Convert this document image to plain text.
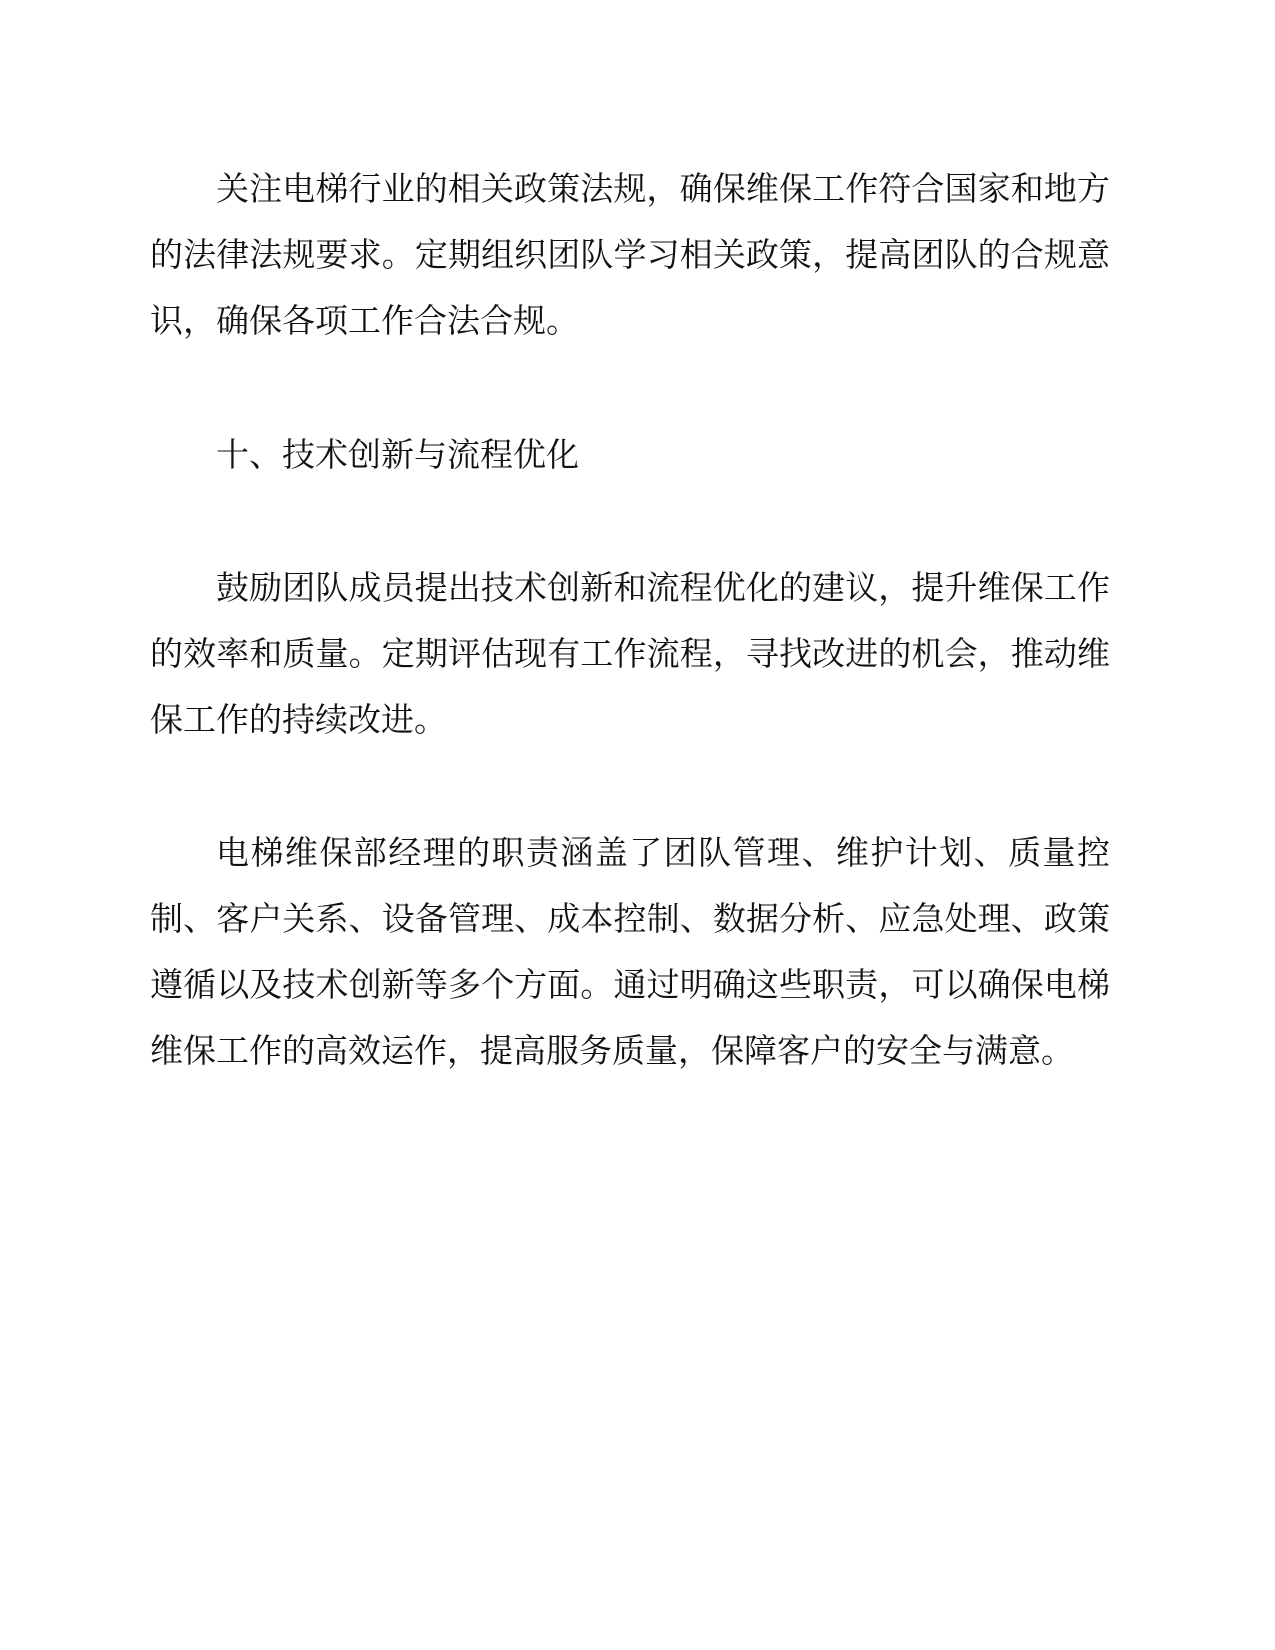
关注电梯行业的相关政策法规，确保维保工作符合国家和地方的法律法规要求。定期组织团队学习相关政策，提高团队的合规意识，确保各项工作合法合规。

十、技术创新与流程优化

鼓励团队成员提出技术创新和流程优化的建议，提升维保工作的效率和质量。定期评估现有工作流程，寻找改进的机会，推动维保工作的持续改进。

电梯维保部经理的职责涵盖了团队管理、维护计划、质量控制、客户关系、设备管理、成本控制、数据分析、应急处理、政策遵循以及技术创新等多个方面。通过明确这些职责，可以确保电梯维保工作的高效运作，提高服务质量，保障客户的安全与满意。
